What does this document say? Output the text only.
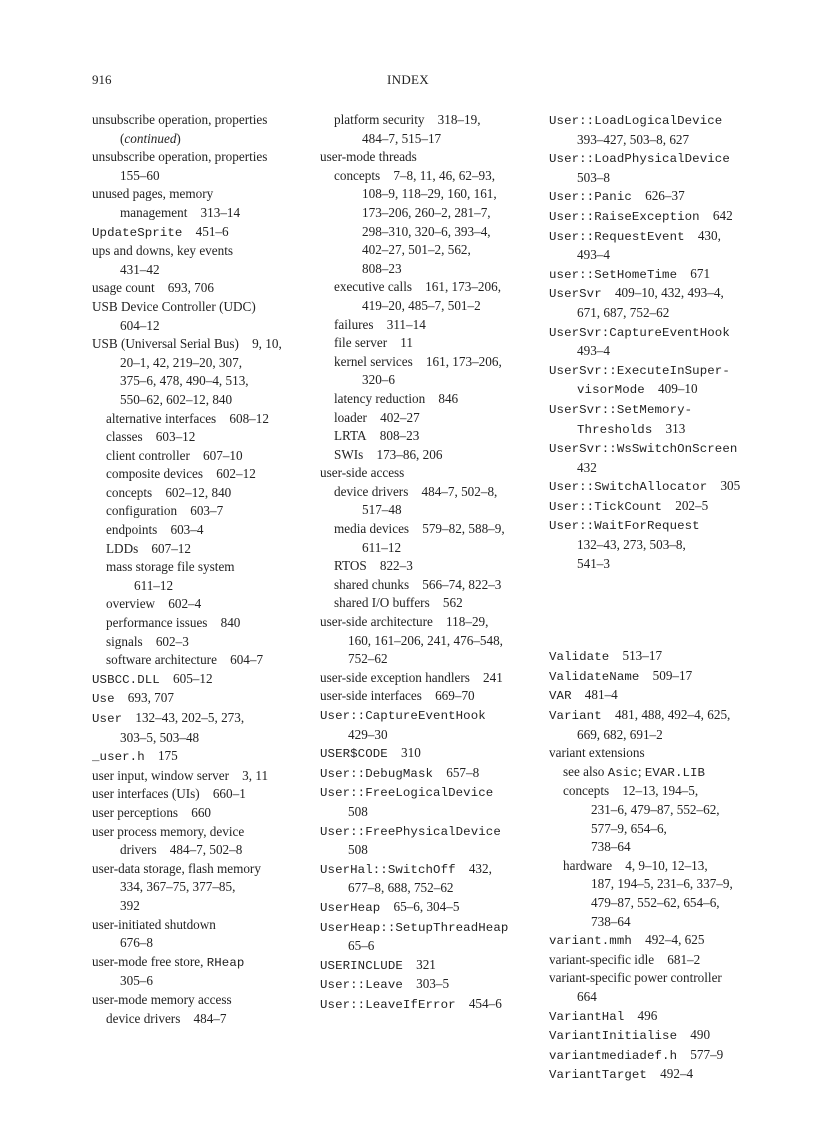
916	INDEX
unsubscribe operation, properties
(continued)
unsubscribe operation, properties
155–60
unused pages, memory
management  313–14
UpdateSprite  451–6
ups and downs, key events
431–42
usage count  693, 706
USB Device Controller (UDC)
604–12
USB (Universal Serial Bus)  9, 10,
20–1, 42, 219–20, 307,
375–6, 478, 490–4, 513,
550–62, 602–12, 840
alternative interfaces  608–12
classes  603–12
client controller  607–10
composite devices  602–12
concepts  602–12, 840
configuration  603–7
endpoints  603–4
LDDs  607–12
mass storage file system
611–12
overview  602–4
performance issues  840
signals  602–3
software architecture  604–7
USBCC.DLL  605–12
Use  693, 707
User  132–43, 202–5, 273,
303–5, 503–48
_user.h  175
user input, window server  3, 11
user interfaces (UIs)  660–1
user perceptions  660
user process memory, device
drivers  484–7, 502–8
user-data storage, flash memory
334, 367–75, 377–85,
392
user-initiated shutdown
676–8
user-mode free store, RHeap
305–6
user-mode memory access
device drivers  484–7
platform security  318–19,
484–7, 515–17
user-mode threads
concepts  7–8, 11, 46, 62–93,
108–9, 118–29, 160, 161,
173–206, 260–2, 281–7,
298–310, 320–6, 393–4,
402–27, 501–2, 562,
808–23
executive calls  161, 173–206,
419–20, 485–7, 501–2
failures  311–14
file server  11
kernel services  161, 173–206,
320–6
latency reduction  846
loader  402–27
LRTA  808–23
SWIs  173–86, 206
user-side access
device drivers  484–7, 502–8,
517–48
media devices  579–82, 588–9,
611–12
RTOS  822–3
shared chunks  566–74, 822–3
shared I/O buffers  562
user-side architecture  118–29,
160, 161–206, 241, 476–548,
752–62
user-side exception handlers  241
user-side interfaces  669–70
User::CaptureEventHook
429–30
USER$CODE  310
User::DebugMask  657–8
User::FreeLogicalDevice
508
User::FreePhysicalDevice
508
UserHal::SwitchOff  432,
677–8, 688, 752–62
UserHeap  65–6, 304–5
UserHeap::SetupThreadHeap
65–6
USERINCLUDE  321
User::Leave  303–5
User::LeaveIfError  454–6
User::LoadLogicalDevice
393–427, 503–8, 627
User::LoadPhysicalDevice
503–8
User::Panic  626–37
User::RaiseException  642
User::RequestEvent  430,
493–4
user::SetHomeTime  671
UserSvr  409–10, 432, 493–4,
671, 687, 752–62
UserSvr:CaptureEventHook
493–4
UserSvr::ExecuteInSuper-
visorMode  409–10
UserSvr::SetMemory-
Thresholds  313
UserSvr::WsSwitchOnScreen
432
User::SwitchAllocator  305
User::TickCount  202–5
User::WaitForRequest
132–43, 273, 503–8,
541–3
Validate  513–17
ValidateName  509–17
VAR  481–4
Variant  481, 488, 492–4, 625,
669, 682, 691–2
variant extensions
see also Asic; EVAR.LIB
concepts  12–13, 194–5,
231–6, 479–87, 552–62,
577–9, 654–6,
738–64
hardware  4, 9–10, 12–13,
187, 194–5, 231–6, 337–9,
479–87, 552–62, 654–6,
738–64
variant.mmh  492–4, 625
variant-specific idle  681–2
variant-specific power controller
664
VariantHal  496
VariantInitialise  490
variantmediadef.h  577–9
VariantTarget  492–4
